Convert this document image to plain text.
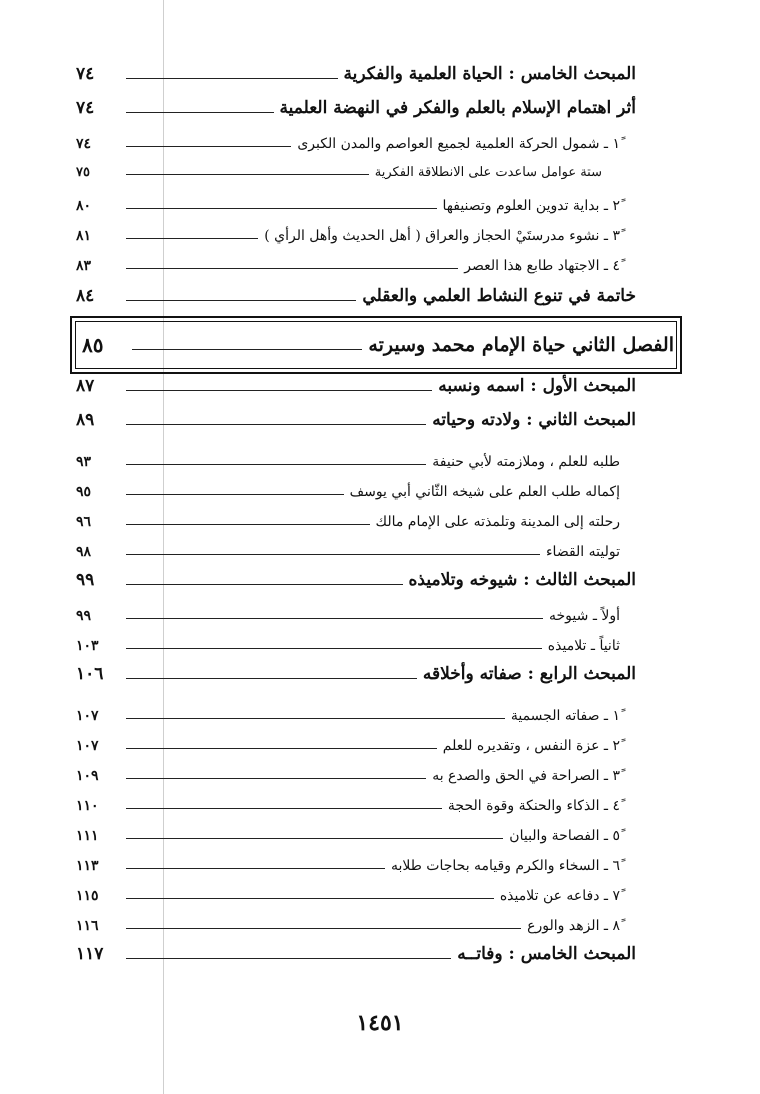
المبحث الخامس : الحياة العلمية والفكرية
٧٤
أثر اهتمام الإسلام بالعلم والفكر في النهضة العلمية
٧٤
١ً ـ شمول الحركة العلمية لجميع العواصم والمدن الكبرى
٧٤
ستة عوامل ساعدت على الانطلاقة الفكرية
٧٥
٢ً ـ بداية تدوين العلوم وتصنيفها
٨٠
٣ً ـ نشوء مدرستَيْ الحجاز والعراق ( أهل الحديث وأهل الرأي )
٨١
٤ً ـ الاجتهاد طابع هذا العصر
٨٣
خاتمة في تنوع النشاط العلمي والعقلي
٨٤
الفصل الثاني حياة الإمام محمد وسيرته
٨٥
المبحث الأول : اسمه ونسبه
٨٧
المبحث الثاني : ولادته وحياته
٨٩
طلبه للعلم ، وملازمته لأبي حنيفة
٩٣
إكماله طلب العلم على شيخه الثّاني أبي يوسف
٩٥
رحلته إلى المدينة وتلمذته على الإمام مالك
٩٦
توليته القضاء
٩٨
المبحث الثالث : شيوخه وتلاميذه
٩٩
أولاً ـ شيوخه
٩٩
ثانياً ـ تلاميذه
١٠٣
المبحث الرابع : صفاته وأخلاقه
١٠٦
١ً ـ صفاته الجسمية
١٠٧
٢ً ـ عزة النفس ، وتقديره للعلم
١٠٧
٣ً ـ الصراحة في الحق والصدع به
١٠٩
٤ً ـ الذكاء والحنكة وقوة الحجة
١١٠
٥ً ـ الفصاحة والبيان
١١١
٦ً ـ السخاء والكرم وقيامه بحاجات طلابه
١١٣
٧ً ـ دفاعه عن تلاميذه
١١٥
٨ً ـ الزهد والورع
١١٦
المبحث الخامس : وفاتــه
١١٧
١٤٥١
